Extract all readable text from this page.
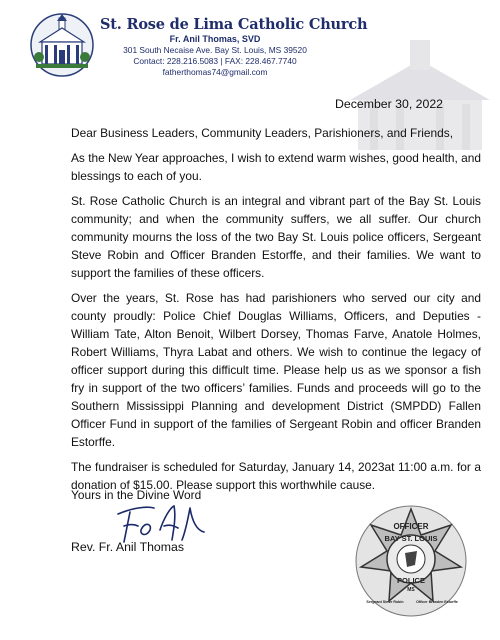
St. Rose de Lima Catholic Church
Fr. Anil Thomas, SVD
301 South Necaise Ave. Bay St. Louis, MS 39520
Contact: 228.216.5083 | FAX: 228.467.7740
fatherthomas74@gmail.com
December 30, 2022

Dear Business Leaders, Community Leaders, Parishioners, and Friends,

As the New Year approaches, I wish to extend warm wishes, good health, and blessings to each of you.

St. Rose Catholic Church is an integral and vibrant part of the Bay St. Louis community; and when the community suffers, we all suffer. Our church community mourns the loss of the two Bay St. Louis police officers, Sergeant Steve Robin and Officer Branden Estorffe, and their families. We want to support the families of these officers.

Over the years, St. Rose has had parishioners who served our city and county proudly: Police Chief Douglas Williams, Officers, and Deputies - William Tate, Alton Benoit, Wilbert Dorsey, Thomas Farve, Anatole Holmes, Robert Williams, Thyra Labat and others. We wish to continue the legacy of officer support during this difficult time. Please help us as we sponsor a fish fry in support of the two officers’ families. Funds and proceeds will go to the Southern Mississippi Planning and development District (SMPDD) Fallen Officer Fund in support of the families of Sergeant Robin and officer Branden Estorffe.

The fundraiser is scheduled for Saturday, January 14, 2023at 11:00 a.m. for a donation of $15.00. Please support this worthwhile cause.

Yours in the Divine Word
Rev. Fr. Anil Thomas
OFFICER
BAY ST. LOUIS
POLICE
MS
Sergeant Steve Robin	Officer Branden Estorffe
